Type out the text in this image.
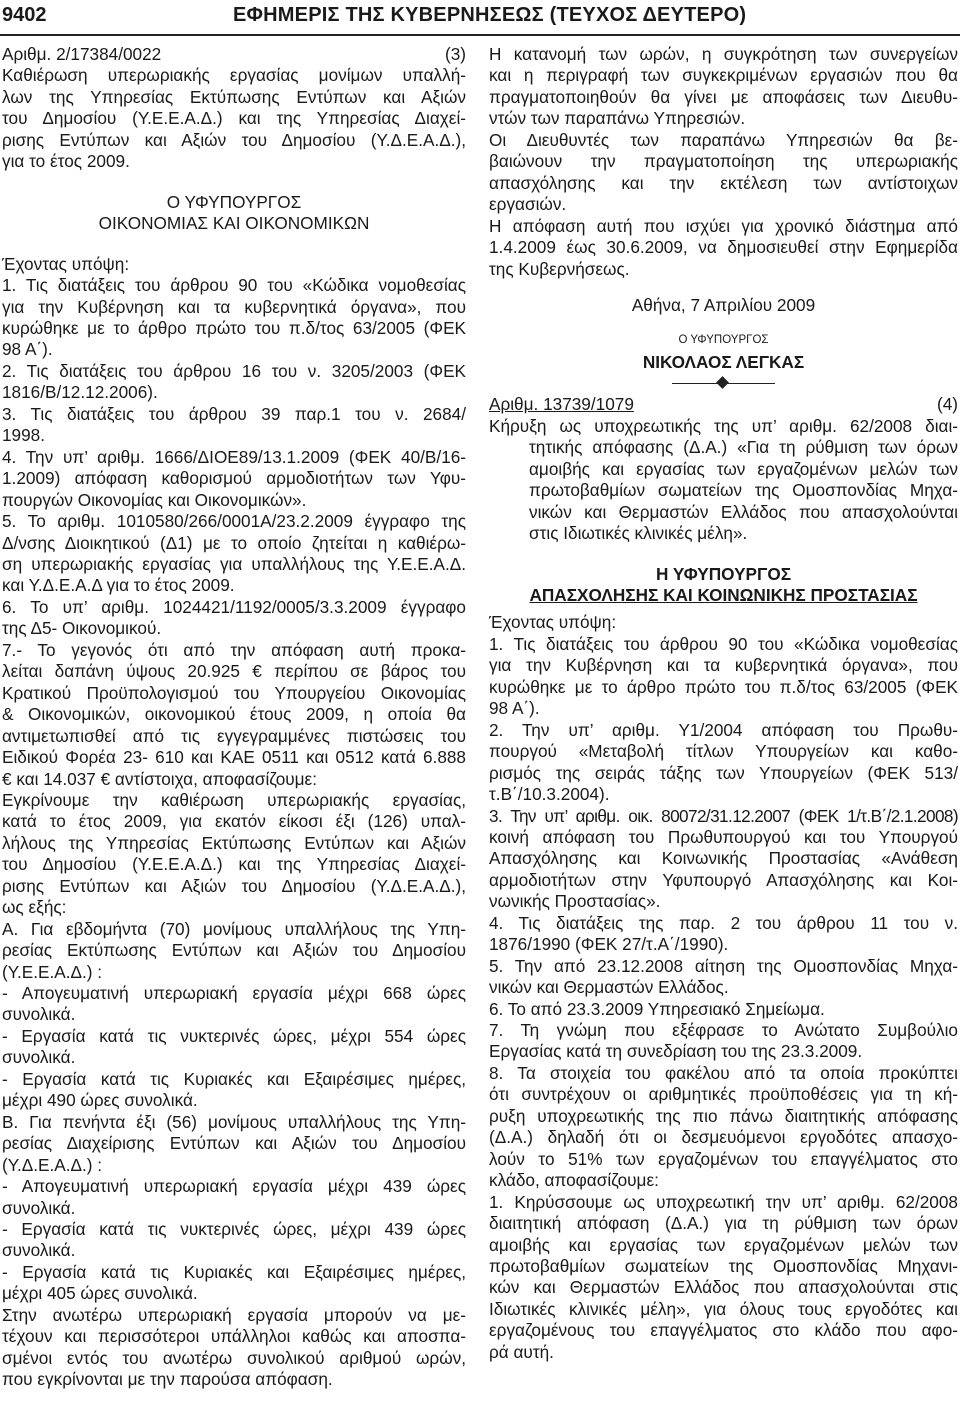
9402	ΕΦΗΜΕΡΙΣ ΤΗΣ ΚΥΒΕΡΝΗΣΕΩΣ (ΤΕΥΧΟΣ ΔΕΥΤΕΡΟ)
Αριθμ. 2/17384/0022	(3)

Καθιέρωση υπερωριακής εργασίας μονίμων υπαλλή-

λων της Υπηρεσίας Εκτύπωσης Εντύπων και Αξιών

του Δημοσίου (Υ.Ε.Ε.Α.Δ.) και της Υπηρεσίας Διαχεί-

ρισης Εντύπων και Αξιών του Δημοσίου (Υ.Δ.Ε.Α.Δ.),

για το έτος 2009.

Ο ΥΦΥΠΟΥΡΓΟΣ

ΟΙΚΟΝΟΜΙΑΣ ΚΑΙ ΟΙΚΟΝΟΜΙΚΩΝ

Έχοντας υπόψη:

1. Τις διατάξεις του άρθρου 90 του «Κώδικα νομοθεσίας

για την Κυβέρνηση και τα κυβερνητικά όργανα», που

κυρώθηκε με το άρθρο πρώτο του π.δ/τος 63/2005 (ΦΕΚ

98 Α΄).

2. Τις διατάξεις του άρθρου 16 του ν. 3205/2003 (ΦΕΚ

1816/Β/12.12.2006).

3. Τις διατάξεις του άρθρου 39 παρ.1 του ν. 2684/

1998.

4. Την υπ’ αριθμ. 1666/ΔΙΟΕ89/13.1.2009 (ΦΕΚ 40/Β/16-

1.2009) απόφαση καθορισμού αρμοδιοτήτων των Υφυ-

πουργών Οικονομίας και Οικονομικών».

5. Το αριθμ. 1010580/266/0001Α/23.2.2009 έγγραφο της

Δ/νσης Διοικητικού (Δ1) με το οποίο ζητείται η καθιέρω-

ση υπερωριακής εργασίας για υπαλλήλους της Υ.Ε.Ε.Α.Δ.

και Υ.Δ.Ε.Α.Δ για το έτος 2009.

6. Το υπ’ αριθμ. 1024421/1192/0005/3.3.2009 έγγραφο

της Δ5- Οικονομικού.

7.- Το γεγονός ότι από την απόφαση αυτή προκα-

λείται δαπάνη ύψους 20.925 € περίπου σε βάρος του

Κρατικού Προϋπολογισμού του Υπουργείου Οικονομίας

& Οικονομικών, οικονομικού έτους 2009, η οποία θα

αντιμετωπισθεί από τις εγγεγραμμένες πιστώσεις του

Ειδικού Φορέα 23- 610 και ΚΑΕ 0511 και 0512 κατά 6.888

€ και 14.037 € αντίστοιχα, αποφασίζουμε:

Εγκρίνουμε την καθιέρωση υπερωριακής εργασίας,

κατά το έτος 2009, για εκατόν είκοσι έξι (126) υπαλ-

λήλους της Υπηρεσίας Εκτύπωσης Εντύπων και Αξιών

του Δημοσίου (Υ.Ε.Ε.Α.Δ.) και της Υπηρεσίας Διαχεί-

ρισης Εντύπων και Αξιών του Δημοσίου (Υ.Δ.Ε.Α.Δ.),

ως εξής:

Α. Για εβδομήντα (70) μονίμους υπαλλήλους της Υπη-

ρεσίας Εκτύπωσης Εντύπων και Αξιών του Δημοσίου

(Υ.Ε.Ε.Α.Δ.) :

- Απογευματινή υπερωριακή εργασία μέχρι 668 ώρες

συνολικά.

- Εργασία κατά τις νυκτερινές ώρες, μέχρι 554 ώρες

συνολικά.

- Εργασία κατά τις Κυριακές και Εξαιρέσιμες ημέρες,

μέχρι 490 ώρες συνολικά.

Β. Για πενήντα έξι (56) μονίμους υπαλλήλους της Υπη-

ρεσίας Διαχείρισης Εντύπων και Αξιών του Δημοσίου

(Υ.Δ.Ε.Α.Δ.) :

- Απογευματινή υπερωριακή εργασία μέχρι 439 ώρες

συνολικά.

- Εργασία κατά τις νυκτερινές ώρες, μέχρι 439 ώρες

συνολικά.

- Εργασία κατά τις Κυριακές και Εξαιρέσιμες ημέρες,

μέχρι 405 ώρες συνολικά.

Στην ανωτέρω υπερωριακή εργασία μπορούν να με-

τέχουν και περισσότεροι υπάλληλοι καθώς και αποσπα-

σμένοι εντός του ανωτέρω συνολικού αριθμού ωρών,

που εγκρίνονται με την παρούσα απόφαση.

Η κατανομή των ωρών, η συγκρότηση των συνεργείων

και η περιγραφή των συγκεκριμένων εργασιών που θα

πραγματοποιηθούν θα γίνει με αποφάσεις των Διευθυ-

ντών των παραπάνω Υπηρεσιών.

Οι Διευθυντές των παραπάνω Υπηρεσιών θα βε-

βαιώνουν την πραγματοποίηση της υπερωριακής

απασχόλησης και την εκτέλεση των αντίστοιχων

εργασιών.

Η απόφαση αυτή που ισχύει για χρονικό διάστημα από

1.4.2009 έως 30.6.2009, να δημοσιευθεί στην Εφημερίδα

της Κυβερνήσεως.

Αθήνα, 7 Απριλίου 2009

Ο ΥΦΥΠΟΥΡΓΟΣ

ΝΙΚΟΛΑΟΣ ΛΕΓΚΑΣ

Αριθμ. 13739/1079	(4)

Κήρυξη ως υποχρεωτικής της υπ’ αριθμ. 62/2008 διαι-

τητικής απόφασης (Δ.Α.) «Για τη ρύθμιση των όρων

αμοιβής και εργασίας των εργαζομένων μελών των

πρωτοβαθμίων σωματείων της Ομοσπονδίας Μηχα-

νικών και Θερμαστών Ελλάδος που απασχολούνται

στις Ιδιωτικές κλινικές μέλη».

Η ΥΦΥΠΟΥΡΓΟΣ

ΑΠΑΣΧΟΛΗΣΗΣ ΚΑΙ ΚΟΙΝΩΝΙΚΗΣ ΠΡΟΣΤΑΣΙΑΣ

Έχοντας υπόψη:

1. Τις διατάξεις του άρθρου 90 του «Κώδικα νομοθεσίας

για την Κυβέρνηση και τα κυβερνητικά όργανα», που

κυρώθηκε με το άρθρο πρώτο του π.δ/τος 63/2005 (ΦΕΚ

98 Α΄).

2. Την υπ’ αριθμ. Υ1/2004 απόφαση του Πρωθυ-

πουργού «Μεταβολή τίτλων Υπουργείων και καθο-

ρισμός της σειράς τάξης των Υπουργείων (ΦΕΚ 513/

τ.Β΄/10.3.2004).

3. Την υπ’ αριθμ. οικ. 80072/31.12.2007 (ΦΕΚ 1/τ.Β΄/2.1.2008)

κοινή απόφαση του Πρωθυπουργού και του Υπουργού

Απασχόλησης και Κοινωνικής Προστασίας «Ανάθεση

αρμοδιοτήτων στην Υφυπουργό Απασχόλησης και Κοι-

νωνικής Προστασίας».

4. Τις διατάξεις της παρ. 2 του άρθρου 11 του ν.

1876/1990 (ΦΕΚ 27/τ.Α΄/1990).

5. Την από 23.12.2008 αίτηση της Ομοσπονδίας Μηχα-

νικών και Θερμαστών Ελλάδος.

6. Το από 23.3.2009 Υπηρεσιακό Σημείωμα.

7. Τη γνώμη που εξέφρασε το Ανώτατο Συμβούλιο

Εργασίας κατά τη συνεδρίαση του της 23.3.2009.

8. Τα στοιχεία του φακέλου από τα οποία προκύπτει

ότι συντρέχουν οι αριθμητικές προϋποθέσεις για τη κή-

ρυξη υποχρεωτικής της πιο πάνω διαιτητικής απόφασης

(Δ.Α.) δηλαδή ότι οι δεσμευόμενοι εργοδότες απασχο-

λούν το 51% των εργαζομένων του επαγγέλματος στο

κλάδο, αποφασίζουμε:

1. Κηρύσσουμε ως υποχρεωτική την υπ’ αριθμ. 62/2008

διαιτητική απόφαση (Δ.Α.) για τη ρύθμιση των όρων

αμοιβής και εργασίας των εργαζομένων μελών των

πρωτοβαθμίων σωματείων της Ομοσπονδίας Μηχανι-

κών και Θερμαστών Ελλάδος που απασχολούνται στις

Ιδιωτικές κλινικές μέλη», για όλους τους εργοδότες και

εργαζομένους του επαγγέλματος στο κλάδο που αφο-

ρά αυτή.
